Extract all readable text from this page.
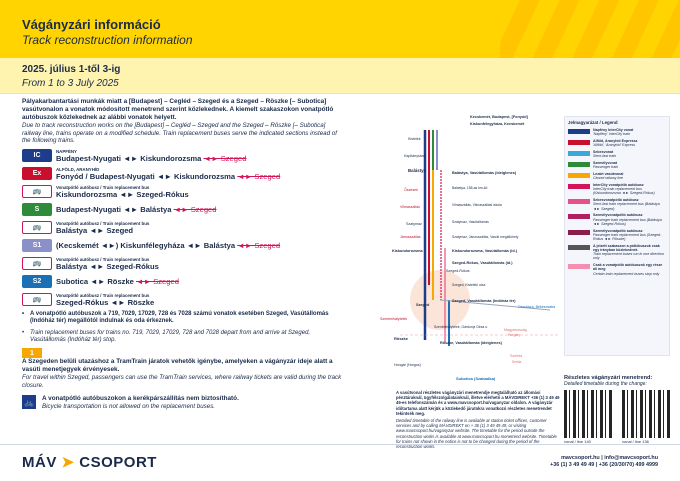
Vágányzári információ
Track reconstruction information
2025. július 1-től 3-ig
From 1 to 3 July 2025

Pályakarbantartási munkák miatt a [Budapest] – Cegléd – Szeged és a Szeged – Röszke [– Subotica] vasútvonalon a vonatok módosított menetrend szerint közlekednek. A kiemelt szakaszokon vonatpótló autóbuszok közlekednek az alábbi vonatok helyett.

Due to track reconstruction works on the [Budapest] – Cegléd – Szeged and the Szeged – Röszke [– Subotica] railway line, trains operate on a modified schedule. Train replacement buses serve the indicated sections instead of the following trains.

IC	NAPFÉNY
Budapest-Nyugati ◄► Kiskundorozsma ◄► Szeged
Ex	ALFÖLD, ARANYHÍD
Fonyód / Budapest-Nyugati ◄► Kiskundorozsma ◄► Szeged
🚌
Vonatpótló autóbusz / Train replacement bus
Kiskundorozsma ◄► Szeged-Rókus
S	Budapest-Nyugati ◄► Balástya ◄► Szeged
🚌
Vonatpótló autóbusz / Train replacement bus
Balástya ◄► Szeged
S1	(Kecskemét ◄►) Kiskunfélegyháza ◄► Balástya ◄► Szeged
🚌
Vonatpótló autóbusz / Train replacement bus
Balástya ◄► Szeged-Rókus
S2	Subotica ◄► Röszke ◄► Szeged
🚌
Vonatpótló autóbusz / Train replacement bus
Szeged-Rókus ◄► Röszke
• A vonatpótló autóbuszok a 719, 7029, 17029, 728 és 7028 számú vonatok esetében Szeged, Vasútállomás (Indóház tér) megállótól indulnak és oda érkeznek.
• Train replacement buses for trains no. 719, 7029, 17029, 728 and 7028 depart from and arrive at Szeged, Vasútállomás (Indóház tér) stop.
1

A Szegeden belüli utazáshoz a TramTrain járatok vehetők igénybe, amelyeken a vágányzár ideje alatt a vasúti menetjegyek érvényesek.

For travel within Szeged, passengers can use the TramTrain services, where railway tickets are valid during the track closure.

🚲	A vonatpótló autóbuszokon a kerékpárszállítás nem biztosítható.

Bicycle transportation is not allowed on the replacement buses.

Kistelek
Kapitánysáng
Balástya
Őszesek
Vilmaszállás
Szatymaz
Jánosszállás
Kiskundorozsma
Szeged-Rókus
Szeged
Szentmihálytelek
Röszke
Hongár (Horgos)
Subotica (Szabadka)
Balástya, Vasútállomás (ideiglenes)
Balástya, 158-as km-kő
Vilmaszállás, Vilmaszállási iskola
Szatymaz, Vasútállomás
Szatymaz, Jánosszállás, Vasúti megállóhely
Kiskundorozsma, Vasútállomás (id.)
Szeged-Rókus, Vasútállomás (id.)
Szeged, Kisteleki utca
Szeged, Vasútállomás (Indóház tér)
Szentmihálytelek, Gárdonyi Géza u.
Röszke, Vasútállomás (ideiglenes)
Magyarország
Hungary
Szerbia
Serbia
Orosháza, Békéscsaba
Kecskemét, Budapest, [Fonyód]
Kiskunfélegyháza, Kecskemét	Jelmagyarázat / Legend
Napfény InterCity vonat
'Napfény' InterCity train
Alföld, Aranyhíd Expressz
'Alföld', 'Aranyhíd' Express
Sebesvonat
Semi-fast train
Személyvonat
Passenger train
Lezárt vasútvonal
Closed railway line
InterCity vonatpótló autóbusz
InterCity train replacement bus (Kiskundorozsma ◄► Szeged-Rókus)
Sebesvonatpótló autóbusz
Semi-fast train replacement bus (Balástya ◄► Szeged)
Személyvonatpótló autóbusz
Passenger train replacement bus (Balástya ◄► Szeged-Rókus)
Személyvonatpótló autóbusz
Passenger train replacement bus (Szeged-Rókus ◄► Röszke)
A jelzett szakaszon a pótlóbuszok csak egy irányban közlekednek
Train replacement buses run in one direction only
Csak a vonatpótló autóbuszok egy része áll meg
Certain train replacement buses stop only

A vasútvonal részletes vágányzári menetrendje megtalálható az állomási pénztáraknál, ügyfélszolgálatainknál, illetve elérhető a MÁVDIREKT +36 (1) 3 49 49 49-es telefonszámán és a www.mavcsoport.hu/vaganyzar oldalon. A vágányzár időtartama alatt kérjük a közlekedő járatokra vonatkozó részletes menetrendet tekintsék meg.

Detailed timetable of the railway line is available at station ticket offices, customer services and by calling MÁVDIREKT on + 36 (1) 3 49 49 49, or visiting www.mavcsoport.hu/vaganyzar website. The timetable for the period outside the reconstruction works is available at www.mavcsoport.hu menetrend website. Timetable for trains not shown in the notice is not to be changed during the period of the reconstruction works.

Részletes vágányzári menetrend:
Detailed timetable during the change:
vonal / line 140	vonal / line 136
MÁV ➤ CSOPORT	mavcsoport.hu | info@mavcsoport.hu
+36 (1) 3 49 49 49 | +36 (20/30/70) 499 4999
